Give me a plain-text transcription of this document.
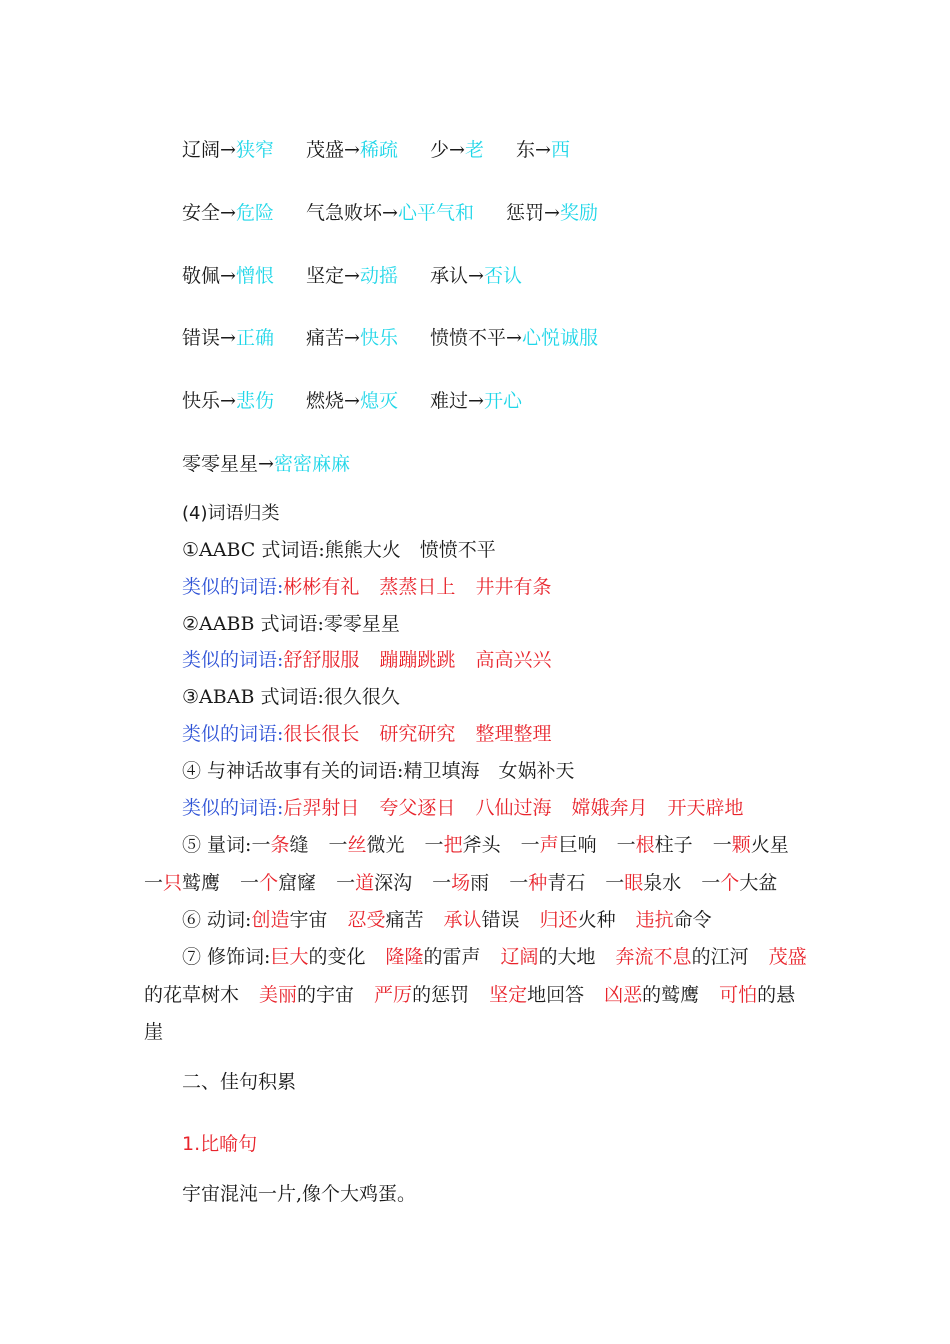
辽阔→狭窄 茂盛→稀疏 少→老 东→西
安全→危险 气急败坏→心平气和 惩罚→奖励
敬佩→憎恨 坚定→动摇 承认→否认
错误→正确 痛苦→快乐 愤愤不平→心悦诚服
快乐→悲伤 燃烧→熄灭 难过→开心
零零星星→密密麻麻
(4)词语归类
①AABC 式词语:熊熊大火　愤愤不平
类似的词语:彬彬有礼 蒸蒸日上 井井有条
②AABB 式词语:零零星星
类似的词语:舒舒服服 蹦蹦跳跳 高高兴兴
③ABAB 式词语:很久很久
类似的词语:很长很长 研究研究 整理整理
④ 与神话故事有关的词语:精卫填海　女娲补天
类似的词语:后羿射日 夸父逐日 八仙过海 嫦娥奔月 开天辟地
⑤ 量词:一条缝 一丝微光 一把斧头 一声巨响 一根柱子 一颗火星
一只鹫鹰 一个窟窿 一道深沟 一场雨 一种青石 一眼泉水 一个大盆
⑥ 动词:创造宇宙 忍受痛苦 承认错误 归还火种 违抗命令
⑦ 修饰词:巨大的变化 隆隆的雷声 辽阔的大地 奔流不息的江河 茂盛
的花草树木 美丽的宇宙 严厉的惩罚 坚定地回答 凶恶的鹫鹰 可怕的悬
崖
二、佳句积累
1.比喻句
宇宙混沌一片,像个大鸡蛋。
